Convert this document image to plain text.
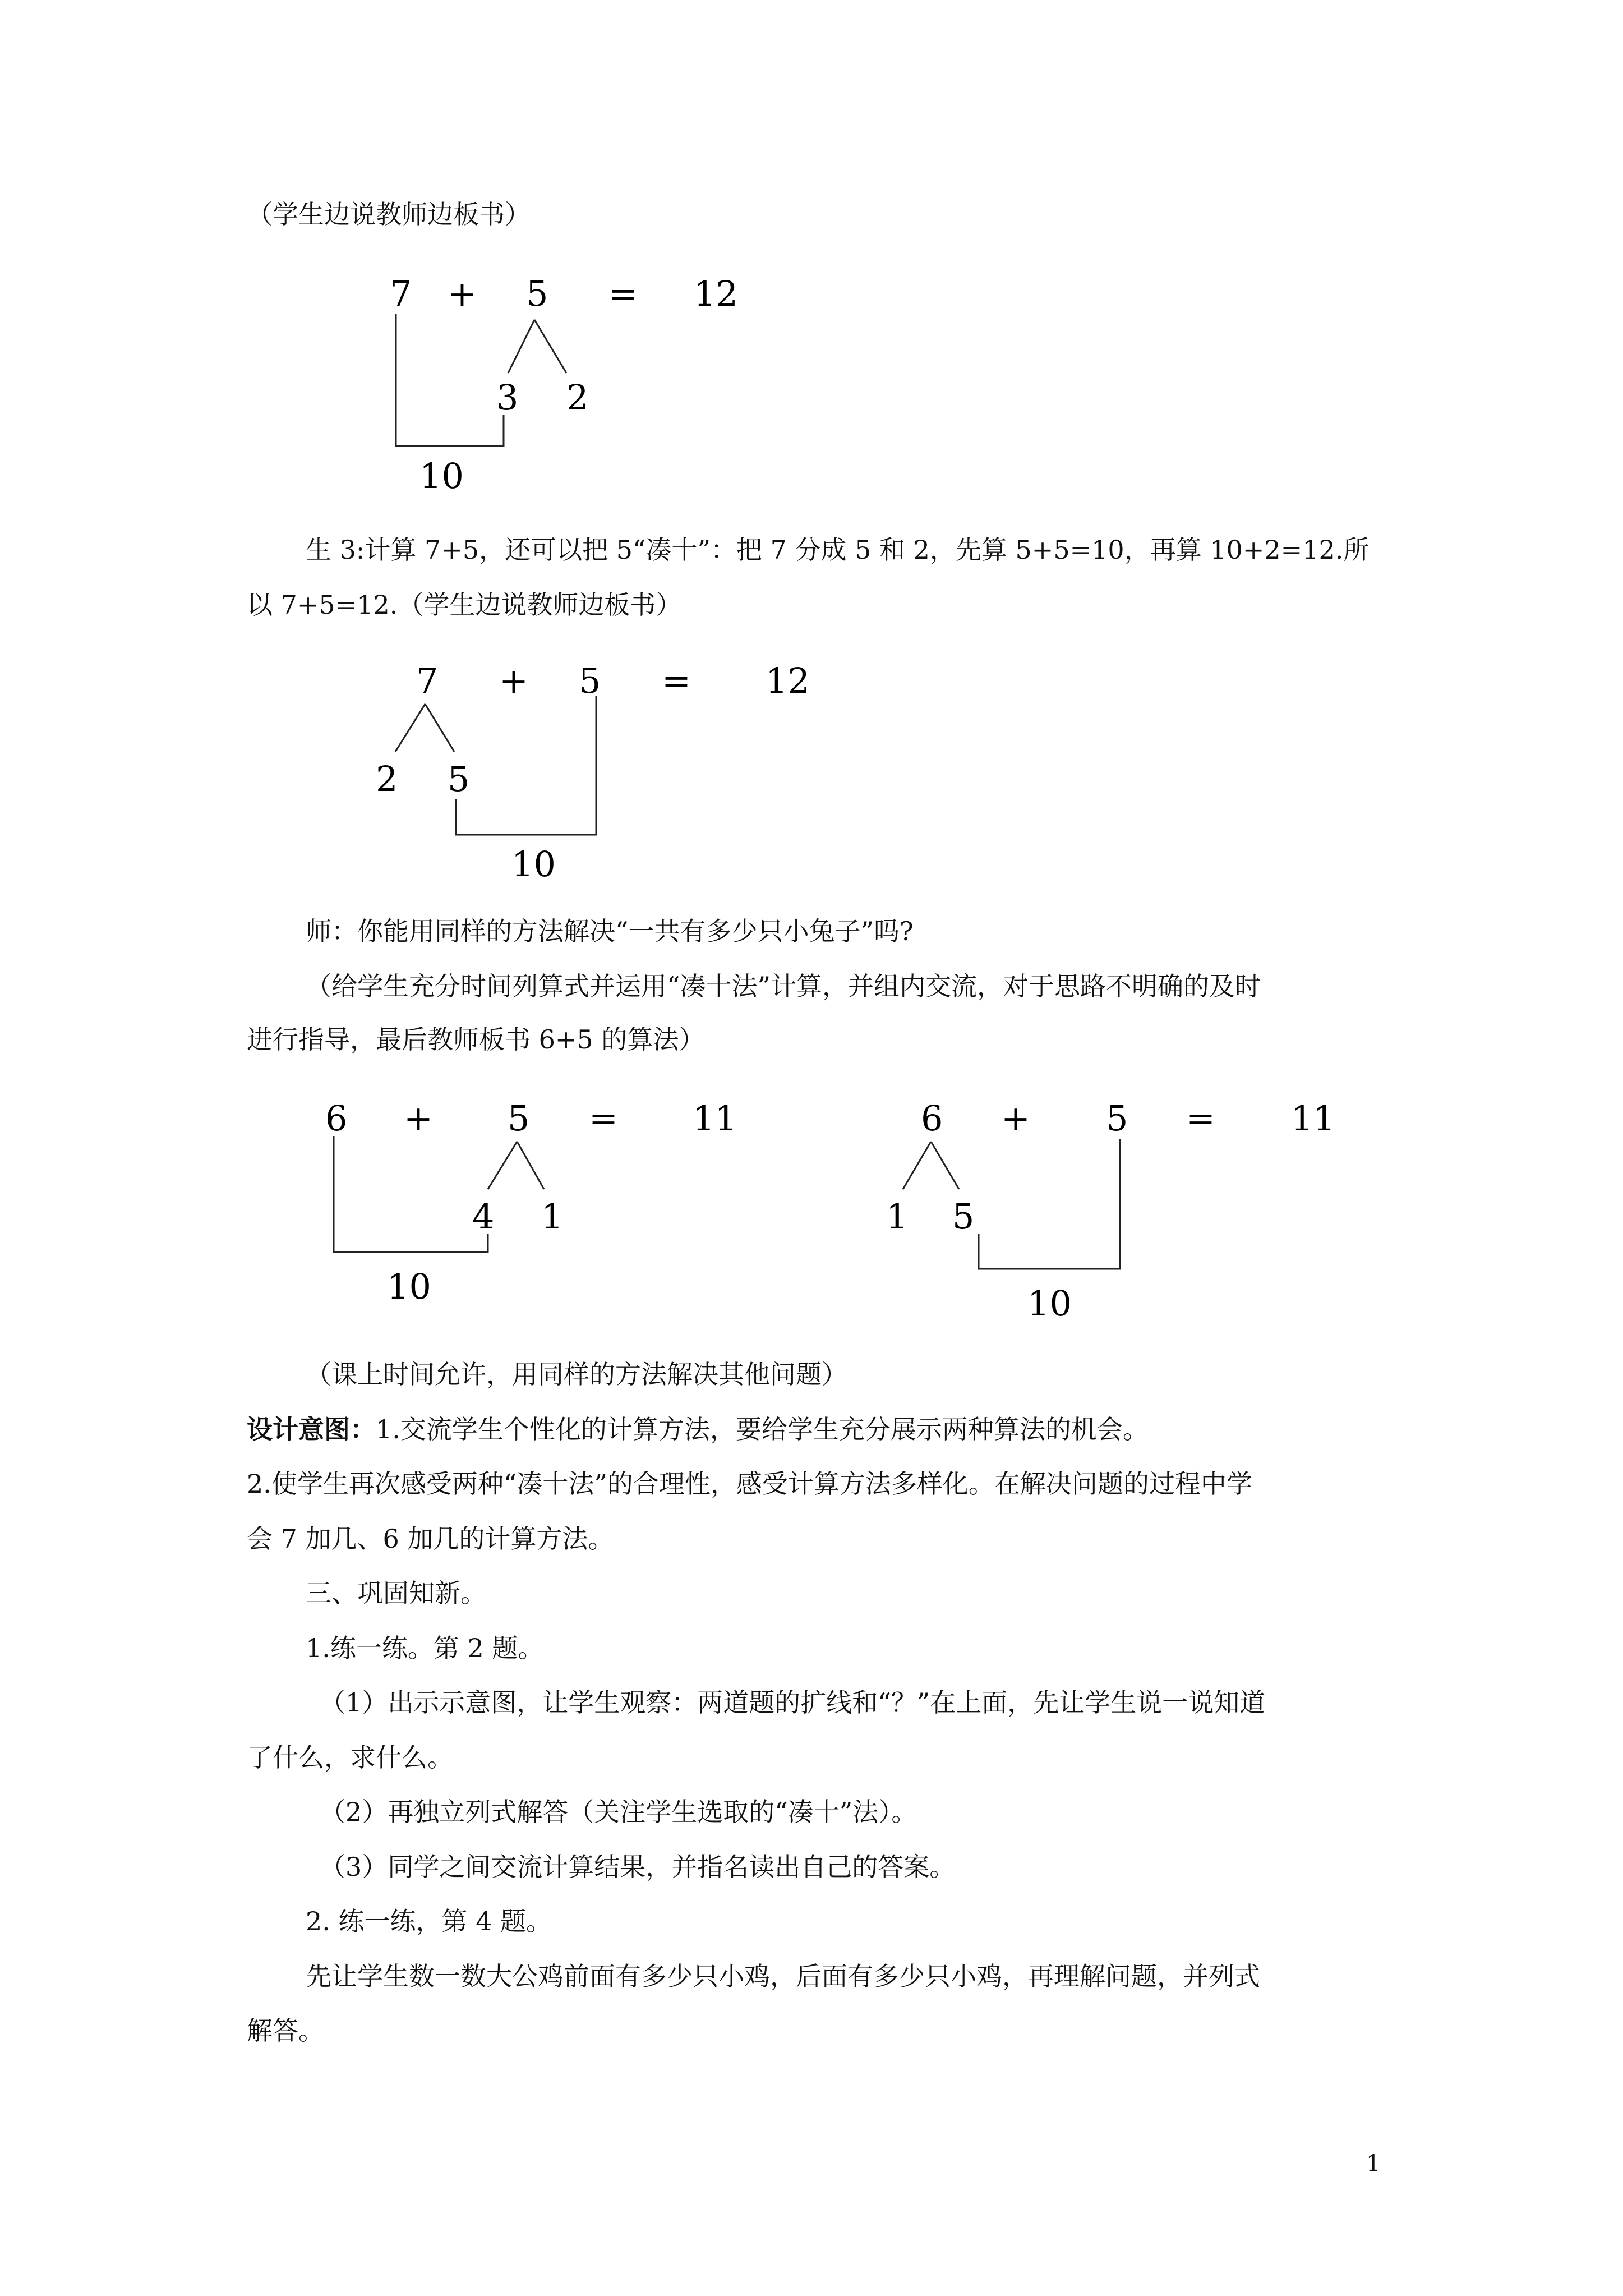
（学生边说教师边板书）
7 + 5 = 12
3 2
10
生 3:计算 7+5，还可以把 5“凑十”：把 7 分成 5 和 2，先算 5+5=10，再算 10+2=12.所
以 7+5=12.（学生边说教师边板书）
7 + 5 = 12
2 5
10
师：你能用同样的方法解决“一共有多少只小兔子”吗?
（给学生充分时间列算式并运用“凑十法”计算，并组内交流，对于思路不明确的及时
进行指导，最后教师板书 6+5 的算法）
6 + 5 = 11
4 1
10
6 + 5 = 11
1 5
10
（课上时间允许，用同样的方法解决其他问题）
设计意图：1.交流学生个性化的计算方法，要给学生充分展示两种算法的机会。
2.使学生再次感受两种“凑十法”的合理性，感受计算方法多样化。在解决问题的过程中学
会 7 加几、6 加几的计算方法。
三、巩固知新。
1.练一练。第 2 题。
（1）出示示意图，让学生观察：两道题的扩线和“？”在上面，先让学生说一说知道
了什么，求什么。
（2）再独立列式解答（关注学生选取的“凑十”法）。
（3）同学之间交流计算结果，并指名读出自己的答案。
2. 练一练，第 4 题。
先让学生数一数大公鸡前面有多少只小鸡，后面有多少只小鸡，再理解问题，并列式
解答。
1
